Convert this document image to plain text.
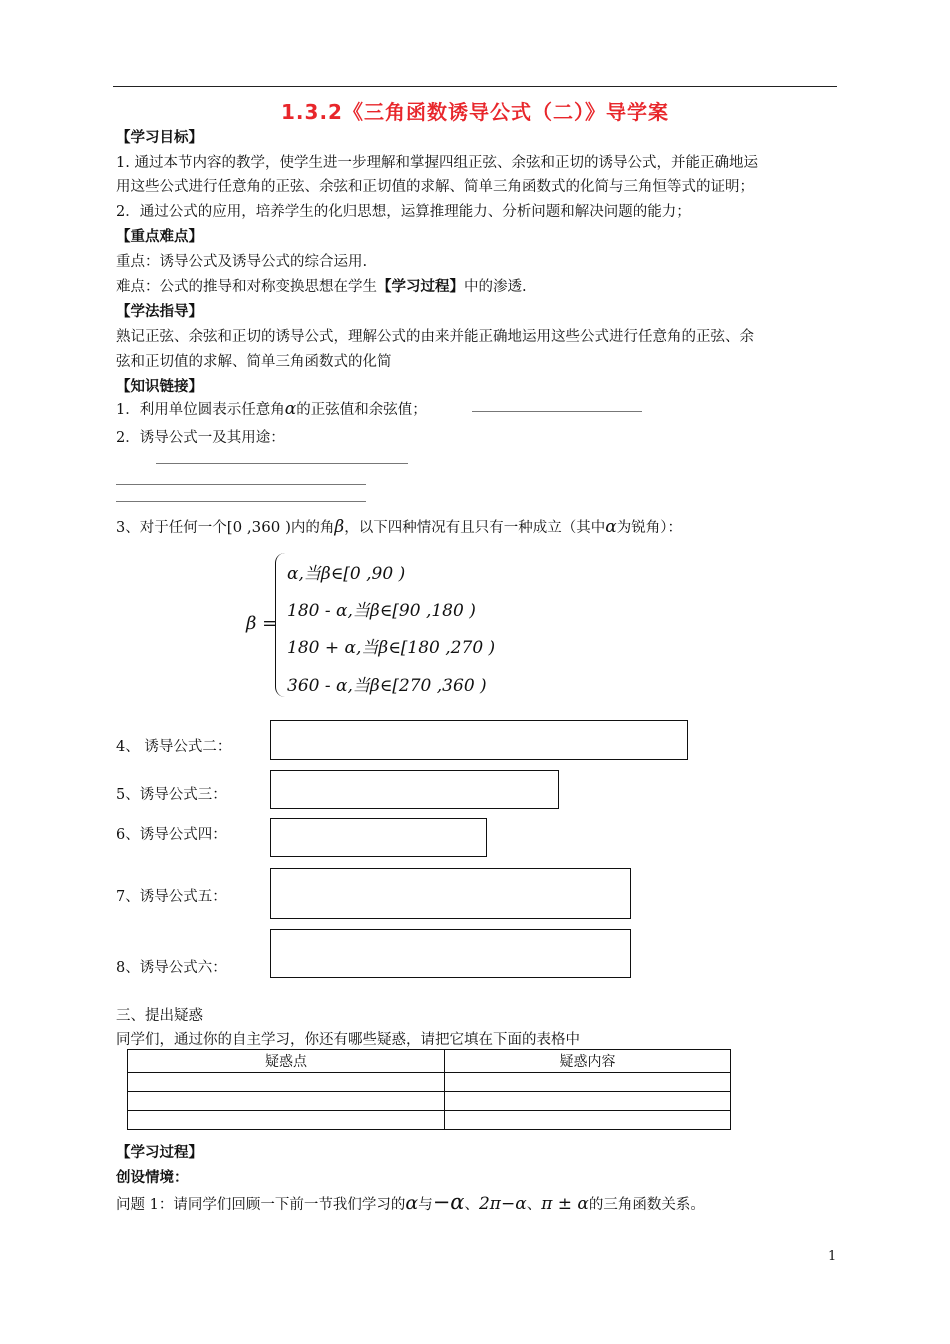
1.3.2《三角函数诱导公式（二）》导学案
【学习目标】
1. 通过本节内容的教学，使学生进一步理解和掌握四组正弦、余弦和正切的诱导公式，并能正确地运
用这些公式进行任意角的正弦、余弦和正切值的求解、简单三角函数式的化简与三角恒等式的证明；
2．通过公式的应用，培养学生的化归思想，运算推理能力、分析问题和解决问题的能力；
【重点难点】
重点：诱导公式及诱导公式的综合运用.
难点：公式的推导和对称变换思想在学生【学习过程】中的渗透.
【学法指导】
熟记正弦、余弦和正切的诱导公式，理解公式的由来并能正确地运用这些公式进行任意角的正弦、余
弦和正切值的求解、简单三角函数式的化简
【知识链接】
1．利用单位圆表示任意角α的正弦值和余弦值；
2．诱导公式一及其用途：
3、对于任何一个[0 ,360 )内的角β，以下四种情况有且只有一种成立（其中α为锐角）：
β =
α,当β∈[0 ,90 )
180 - α,当β∈[90 ,180 )
180 + α,当β∈[180 ,270 )
360 - α,当β∈[270 ,360 )
4、 诱导公式二：
5、诱导公式三：
6、诱导公式四：
7、诱导公式五：
8、诱导公式六：
三、提出疑惑
同学们，通过你的自主学习，你还有哪些疑惑，请把它填在下面的表格中
疑惑点	疑惑内容

【学习过程】
创设情境：
问题 1：请同学们回顾一下前一节我们学习的α与−α、2π−α、π ± α的三角函数关系。
1
